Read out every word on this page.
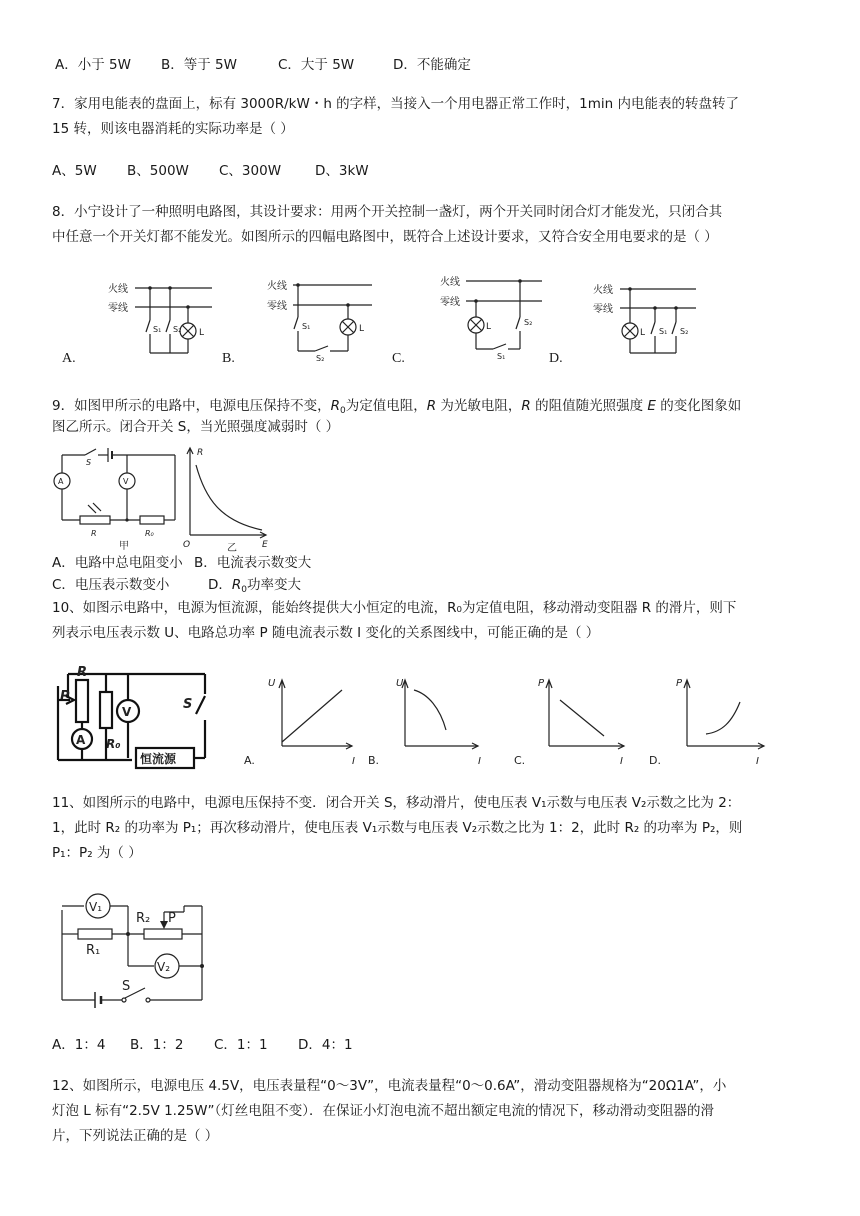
A．小于 5W B．等于 5W	C．大于 5W	D．不能确定
7．家用电能表的盘面上，标有 3000R/kW・h 的字样，当接入一个用电器正常工作时，1min 内电能表的转盘转了
15 转，则该电器消耗的实际功率是（ ）
A、5W B、500W C、300W	D、3kW
8．小宁设计了一种照明电路图，其设计要求：用两个开关控制一盏灯，两个开关同时闭合灯才能发光，只闭合其
中任意一个开关灯都不能发光。如图所示的四幅电路图中，既符合上述设计要求，又符合安全用电要求的是（ ）
火线
零线
S₁ S₂ L
火线
零线
S₁
S₂
L
火线
零线
L
S₁
S₂
火线
零线
L S₁ S₂
A.	B.	C.	D.
9．如图甲所示的电路中，电源电压保持不变，$R_0$为定值电阻，R 为光敏电阻，R 的阻值随光照强度 E 的变化图象如
图乙所示。闭合开关 S，当光照强度减弱时（ ）
S
A
R	R₀
V
甲
R
E
O	乙
A．电路中总电阻变小 B．电流表示数变大
C．电压表示数变小	D．$R_0$功率变大
10、如图示电路中，电源为恒流源，能始终提供大小恒定的电流，R₀为定值电阻，移动滑动变阻器 R 的滑片，则下
列表示电压表示数 U、电路总功率 P 随电流表示数 I 变化的关系图线中，可能正确的是（ ）
R
P
A R₀
V
恒流源
S
U
I
A.
U
I
B.
P
I
C.
P
I
D.
11、如图所示的电路中，电源电压保持不变．闭合开关 S，移动滑片，使电压表 V₁示数与电压表 V₂示数之比为 2：
1，此时 R₂ 的功率为 P₁；再次移动滑片，使电压表 V₁示数与电压表 V₂示数之比为 1：2，此时 R₂ 的功率为 P₂，则
P₁：P₂ 为（ ）
S
V₁
R₁
R₂ P
V₂
A．1：4 B．1：2 C．1：1 D．4：1
12、如图所示，电源电压 4.5V，电压表量程“0～3V”，电流表量程“0～0.6A”，滑动变阻器规格为“20Ω1A”，小
灯泡 L 标有“2.5V 1.25W”（灯丝电阻不变）．在保证小灯泡电流不超出额定电流的情况下，移动滑动变阻器的滑
片，下列说法正确的是（ ）
